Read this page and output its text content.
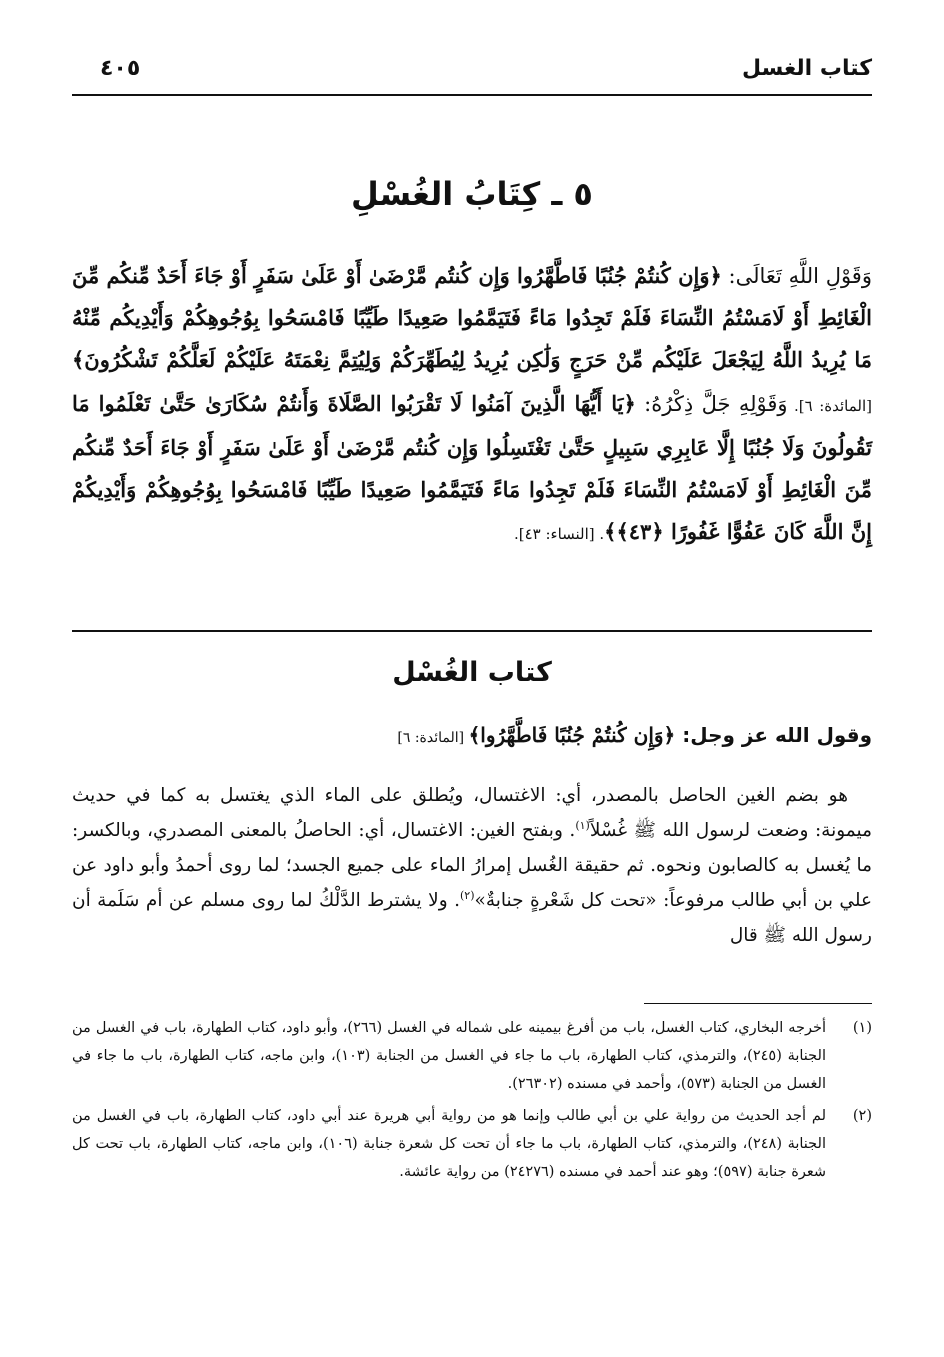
كتاب الغسل
٤٠٥
٥ ـ كِتَابُ الغُسْلِ
وَقَوْلِ اللَّهِ تَعَالَى: ﴿وَإِن كُنتُمْ جُنُبًا فَاطَّهَّرُوا وَإِن كُنتُم مَّرْضَىٰ أَوْ عَلَىٰ سَفَرٍ أَوْ جَاءَ أَحَدٌ مِّنكُم مِّنَ الْغَائِطِ أَوْ لَامَسْتُمُ النِّسَاءَ فَلَمْ تَجِدُوا مَاءً فَتَيَمَّمُوا صَعِيدًا طَيِّبًا فَامْسَحُوا بِوُجُوهِكُمْ وَأَيْدِيكُم مِّنْهُ مَا يُرِيدُ اللَّهُ لِيَجْعَلَ عَلَيْكُم مِّنْ حَرَجٍ وَلَٰكِن يُرِيدُ لِيُطَهِّرَكُمْ وَلِيُتِمَّ نِعْمَتَهُ عَلَيْكُمْ لَعَلَّكُمْ تَشْكُرُونَ﴾ [المائدة: ٦]. وَقَوْلِهِ جَلَّ ذِكْرُهُ: ﴿يَا أَيُّهَا الَّذِينَ آمَنُوا لَا تَقْرَبُوا الصَّلَاةَ وَأَنتُمْ سُكَارَىٰ حَتَّىٰ تَعْلَمُوا مَا تَقُولُونَ وَلَا جُنُبًا إِلَّا عَابِرِي سَبِيلٍ حَتَّىٰ تَغْتَسِلُوا وَإِن كُنتُم مَّرْضَىٰ أَوْ عَلَىٰ سَفَرٍ أَوْ جَاءَ أَحَدٌ مِّنكُم مِّنَ الْغَائِطِ أَوْ لَامَسْتُمُ النِّسَاءَ فَلَمْ تَجِدُوا مَاءً فَتَيَمَّمُوا صَعِيدًا طَيِّبًا فَامْسَحُوا بِوُجُوهِكُمْ وَأَيْدِيكُمْ إِنَّ اللَّهَ كَانَ عَفُوًّا غَفُورًا ﴿٤٣﴾﴾. [النساء: ٤٣].
كتاب الغُسْل
وقول الله عز وجل: ﴿وَإِن كُنتُمْ جُنُبًا فَاطَّهَّرُوا﴾ [المائدة: ٦]

هو بضم الغين الحاصل بالمصدر، أي: الاغتسال، ويُطلق على الماء الذي يغتسل به كما في حديث ميمونة: وضعت لرسول الله ﷺ غُسْلاً$^{(١)}$. وبفتح الغين: الاغتسال، أي: الحاصلُ بالمعنى المصدري، وبالكسر: ما يُغسل به كالصابون ونحوه. ثم حقيقة الغُسل إمرارُ الماء على جميع الجسد؛ لما روى أحمدُ وأبو داود عن علي بن أبي طالب مرفوعاً: «تحت كل شَعْرةٍ جنابةٌ»$^{(٢)}$. ولا يشترط الدَّلْكُ لما روى مسلم عن أم سَلَمة أن رسول الله ﷺ قال

(١)
أخرجه البخاري، كتاب الغسل، باب من أفرغ بيمينه على شماله في الغسل (٢٦٦)، وأبو داود، كتاب الطهارة، باب في الغسل من الجنابة (٢٤٥)، والترمذي، كتاب الطهارة، باب ما جاء في الغسل من الجنابة (١٠٣)، وابن ماجه، كتاب الطهارة، باب ما جاء في الغسل من الجنابة (٥٧٣)، وأحمد في مسنده (٢٦٣٠٢).
(٢)
لم أجد الحديث من رواية علي بن أبي طالب وإنما هو من رواية أبي هريرة عند أبي داود، كتاب الطهارة، باب في الغسل من الجنابة (٢٤٨)، والترمذي، كتاب الطهارة، باب ما جاء أن تحت كل شعرة جنابة (١٠٦)، وابن ماجه، كتاب الطهارة، باب تحت كل شعرة جنابة (٥٩٧)؛ وهو عند أحمد في مسنده (٢٤٢٧٦) من رواية عائشة.
